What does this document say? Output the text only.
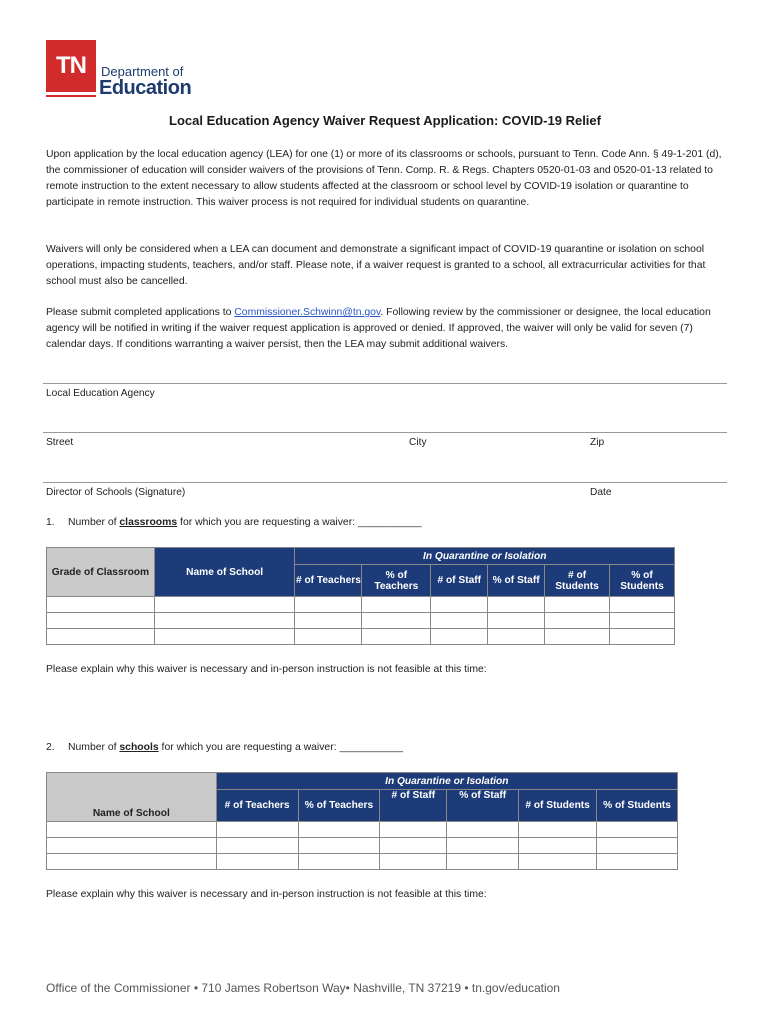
TN	Department of
Education
Local Education Agency Waiver Request Application: COVID-19 Relief
Upon application by the local education agency (LEA) for one (1) or more of its classrooms or schools, pursuant to Tenn. Code Ann. § 49-1-201 (d), the commissioner of education will consider waivers of the provisions of Tenn. Comp. R. & Regs. Chapters 0520-01-03 and 0520-01-13 related to remote instruction to the extent necessary to allow students affected at the classroom or school level by COVID-19 isolation or quarantine to participate in remote instruction. This waiver process is not required for individual students on quarantine.
Waivers will only be considered when a LEA can document and demonstrate a significant impact of COVID-19 quarantine or isolation on school operations, impacting students, teachers, and/or staff. Please note, if a waiver request is granted to a school, all extracurricular activities for that school must also be cancelled.
Please submit completed applications to Commissioner.Schwinn@tn.gov. Following review by the commissioner or designee, the local education agency will be notified in writing if the waiver request application is approved or denied. If approved, the waiver will only be valid for seven (7) calendar days. If conditions warranting a waiver persist, then the LEA may submit additional waivers.
Local Education Agency
Street	City	Zip
Director of Schools (Signature)	Date
1. Number of classrooms for which you are requesting a waiver: ___________
Grade of Classroom	Name of School	In Quarantine or Isolation					
		# of Teachers	% of Teachers	# of Staff	% of Staff	# of Students	% of Students

Please explain why this waiver is necessary and in-person instruction is not feasible at this time:
2. Number of schools for which you are requesting a waiver: ___________
Name of School	In Quarantine or Isolation					
	# of Teachers	% of Teachers	# of Staff	% of Staff	# of Students	% of Students

Please explain why this waiver is necessary and in-person instruction is not feasible at this time:
Office of the Commissioner • 710 James Robertson Way• Nashville, TN 37219 • tn.gov/education
